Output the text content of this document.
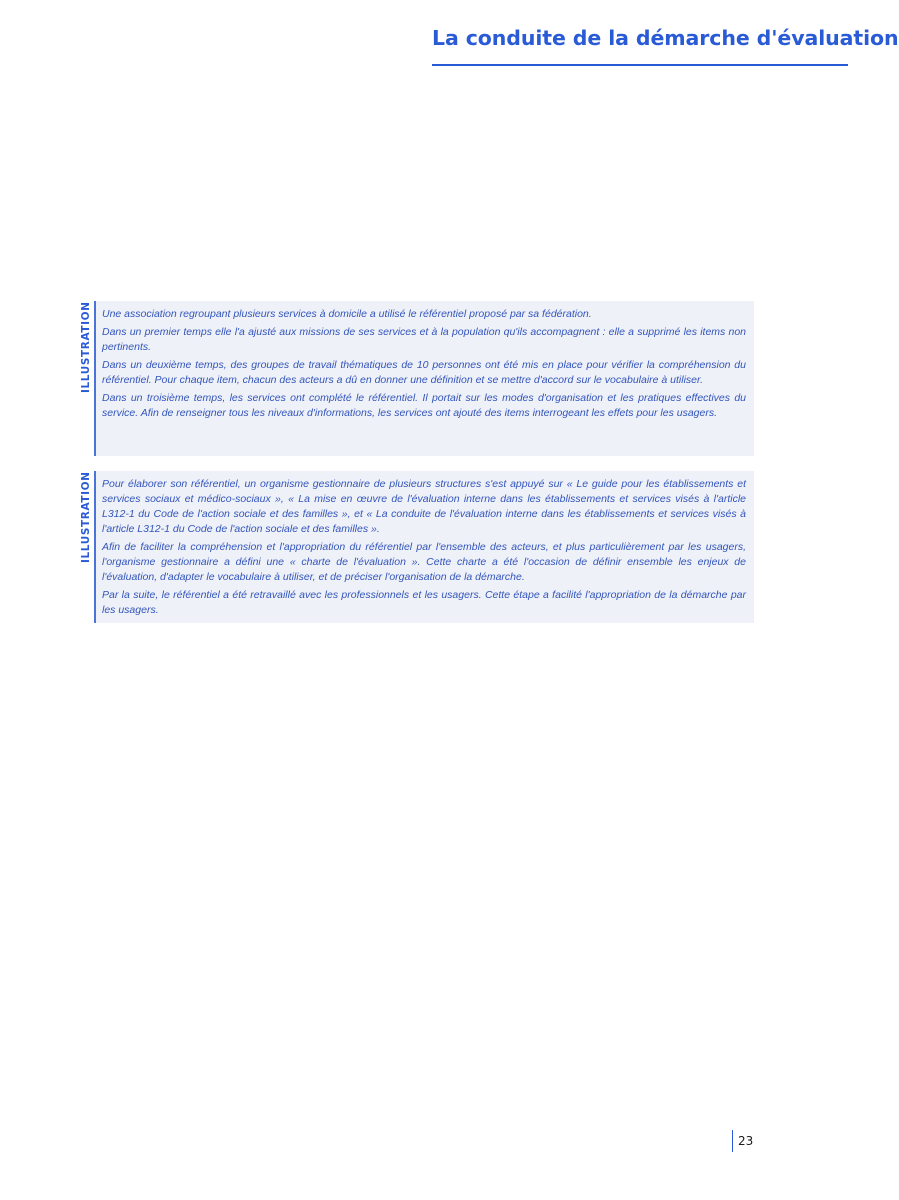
La conduite de la démarche d'évaluation
ILLUSTRATION Une association regroupant plusieurs services à domicile a utilisé le référentiel proposé par sa fédération.

Dans un premier temps elle l'a ajusté aux missions de ses services et à la population qu'ils accompagnent : elle a supprimé les items non pertinents.

Dans un deuxième temps, des groupes de travail thématiques de 10 personnes ont été mis en place pour vérifier la compréhension du référentiel. Pour chaque item, chacun des acteurs a dû en donner une définition et se mettre d'accord sur le vocabulaire à utiliser.

Dans un troisième temps, les services ont complété le référentiel. Il portait sur les modes d'organisation et les pratiques effectives du service. Afin de renseigner tous les niveaux d'informations, les services ont ajouté des items interrogeant les effets pour les usagers.

ILLUSTRATION Pour élaborer son référentiel, un organisme gestionnaire de plusieurs structures s'est appuyé sur « Le guide pour les établissements et services sociaux et médico-sociaux », « La mise en œuvre de l'évaluation interne dans les établissements et services visés à l'article L312-1 du Code de l'action sociale et des familles », et « La conduite de l'évaluation interne dans les établissements et services visés à l'article L312-1 du Code de l'action sociale et des familles ».

Afin de faciliter la compréhension et l'appropriation du référentiel par l'ensemble des acteurs, et plus particulièrement par les usagers, l'organisme gestionnaire a défini une « charte de l'évaluation ». Cette charte a été l'occasion de définir ensemble les enjeux de l'évaluation, d'adapter le vocabulaire à utiliser, et de préciser l'organisation de la démarche.

Par la suite, le référentiel a été retravaillé avec les professionnels et les usagers. Cette étape a facilité l'appropriation de la démarche par les usagers.

23
